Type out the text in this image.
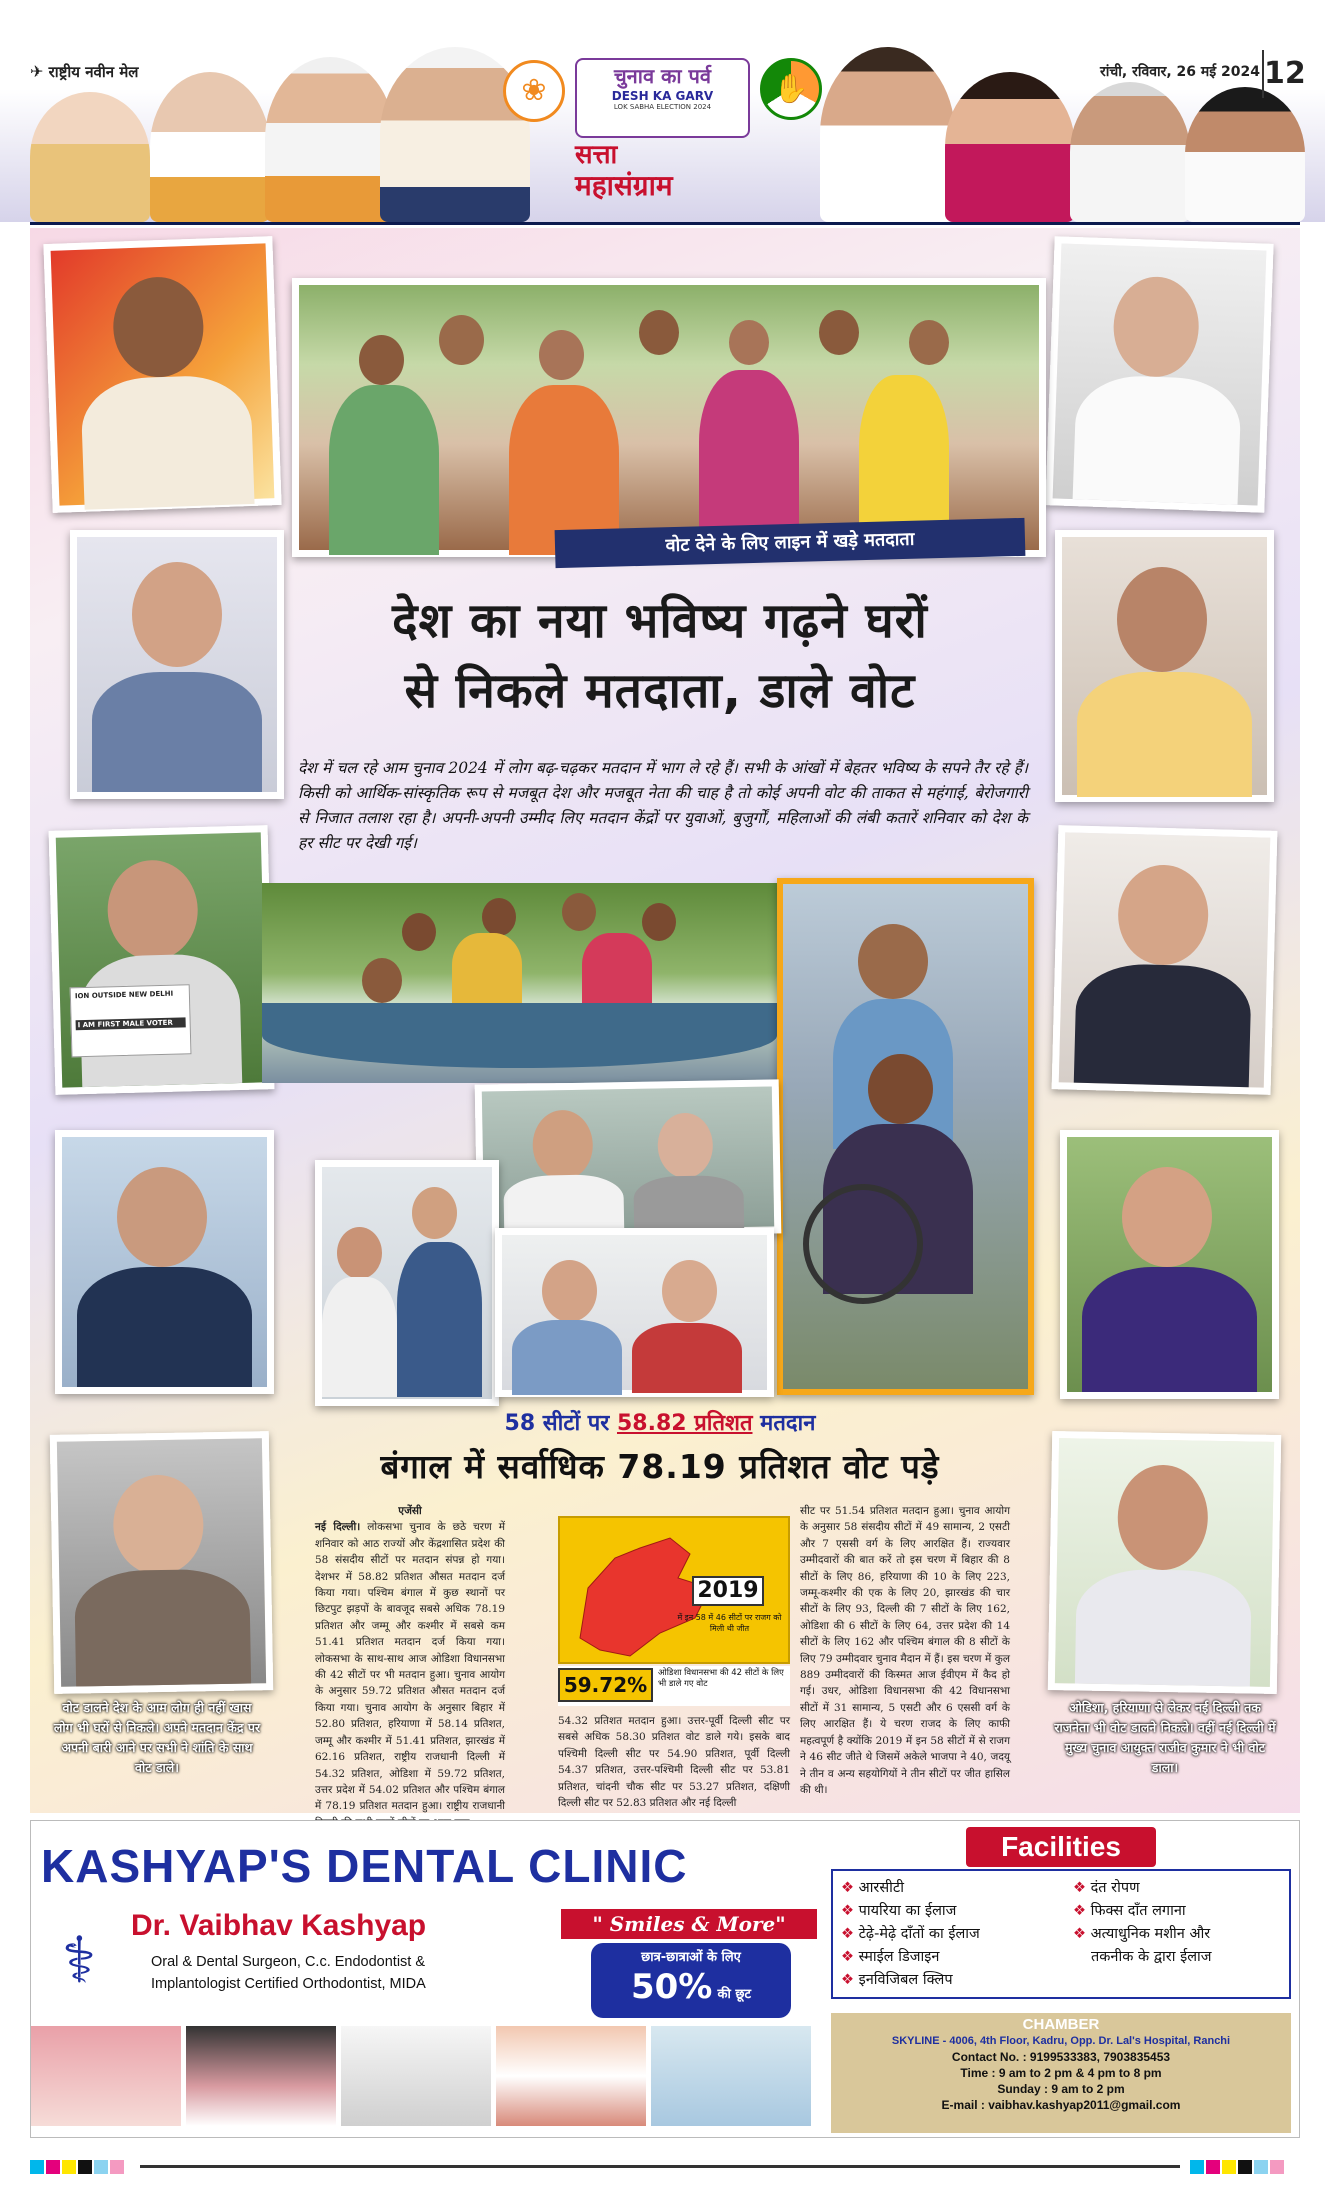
✈ राष्ट्रीय नवीन मेल
❀	चुनाव का पर्व
DESH KA GARV
LOK SABHA ELECTION 2024
सत्ता
महासंग्राम
✋	रांची, रविवार, 26 मई 2024 12
ION OUTSIDE NEW DELHI
I AM FIRST MALE VOTER
वोट डालने देश के आम लोग ही नहीं खास लोग भी घरों से निकले। अपने मतदान केंद्र पर अपनी बारी आने पर सभी ने शांति के साथ वोट डाले।
ओडिशा, हरियाणा से लेकर नई दिल्ली तक राजनेता भी वोट डालने निकले। वहीं नई दिल्ली में मुख्य चुनाव आयुक्त राजीव कुमार ने भी वोट डाला।
वोट देने के लिए लाइन में खड़े मतदाता
देश का नया भविष्य गढ़ने घरों
से निकले मतदाता, डाले वोट
देश में चल रहे आम चुनाव 2024 में लोग बढ़-चढ़कर मतदान में भाग ले रहे हैं। सभी के आंखों में बेहतर भविष्य के सपने तैर रहे हैं। किसी को आर्थिक-सांस्कृतिक रूप से मजबूत देश और मजबूत नेता की चाह है तो कोई अपनी वोट की ताकत से महंगाई, बेरोजगारी से निजात तलाश रहा है। अपनी-अपनी उम्मीद लिए मतदान केंद्रों पर युवाओं, बुजुर्गों, महिलाओं की लंबी कतारें शनिवार को देश के हर सीट पर देखी गई।
58 सीटों पर 58.82 प्रतिशत मतदान
बंगाल में सर्वाधिक 78.19 प्रतिशत वोट पड़े
एजेंसी
नई दिल्ली। लोकसभा चुनाव के छठे चरण में शनिवार को आठ राज्यों और केंद्रशासित प्रदेश की 58 संसदीय सीटों पर मतदान संपन्न हो गया। देशभर में 58.82 प्रतिशत औसत मतदान दर्ज किया गया। पश्चिम बंगाल में कुछ स्थानों पर छिटपुट झड़पों के बावजूद सबसे अधिक 78.19 प्रतिशत और जम्मू और कश्मीर में सबसे कम 51.41 प्रतिशत मतदान दर्ज किया गया। लोकसभा के साथ-साथ आज ओडिशा विधानसभा की 42 सीटों पर भी मतदान हुआ। चुनाव आयोग के अनुसार 59.72 प्रतिशत औसत मतदान दर्ज किया गया। चुनाव आयोग के अनुसार बिहार में 52.80 प्रतिशत, हरियाणा में 58.14 प्रतिशत, जम्मू और कश्मीर में 51.41 प्रतिशत, झारखंड में 62.16 प्रतिशत, राष्ट्रीय राजधानी दिल्ली में 54.32 प्रतिशत, ओडिशा में 59.72 प्रतिशत, उत्तर प्रदेश में 54.02 प्रतिशत और पश्चिम बंगाल में 78.19 प्रतिशत मतदान हुआ। राष्ट्रीय राजधानी
2019
में इन 58 में 46 सीटों पर राजग को मिली थी जीत
59.72%	ओडिशा विधानसभा की 42 सीटों के लिए भी डाले गए वोट
54.32 प्रतिशत मतदान हुआ। उत्तर-पूर्वी दिल्ली सीट पर सबसे अधिक 58.30 प्रतिशत वोट डाले गये। इसके बाद पश्चिमी दिल्ली सीट पर 54.90 प्रतिशत, पूर्वी दिल्ली 54.37 प्रतिशत, उत्तर-पश्चिमी दिल्ली सीट पर 53.81 प्रतिशत, चांदनी चौक सीट पर 53.27 प्रतिशत, दक्षिणी दिल्ली सीट पर 52.83 प्रतिशत और नई दिल्ली
सीट पर 51.54 प्रतिशत मतदान हुआ। चुनाव आयोग के अनुसार 58 संसदीय सीटों में 49 सामान्य, 2 एसटी और 7 एससी वर्ग के लिए आरक्षित हैं। राज्यवार उम्मीदवारों की बात करें तो इस चरण में बिहार की 8 सीटों के लिए 86, हरियाणा की 10 के लिए 223, जम्मू-कश्मीर की एक के लिए 20, झारखंड की चार सीटों के लिए 93, दिल्ली की 7 सीटों के लिए 162, ओडिशा की 6 सीटों के लिए 64, उत्तर प्रदेश की 14 सीटों के लिए 162 और पश्चिम बंगाल की 8 सीटों के लिए 79 उम्मीदवार चुनाव मैदान में हैं। इस चरण में कुल 889 उम्मीदवारों की किस्मत आज ईवीएम में कैद हो गई। उधर, ओडिशा विधानसभा की 42 विधानसभा सीटों में 31 सामान्य, 5 एसटी और 6 एससी वर्ग के लिए आरक्षित हैं। ये चरण राजद के लिए काफी महत्वपूर्ण है क्योंकि 2019 में इन 58 सीटों में से राजग ने 46 सीट जीते थे जिसमें अकेले भाजपा ने 40, जदयू ने तीन व अन्य सहयोगियों ने तीन सीटों पर जीत हासिल की थी।
KASHYAP'S DENTAL CLINIC
⚕	Dr. Vaibhav Kashyap
Oral & Dental Surgeon, C.c. Endodontist &
Implantologist Certified Orthodontist, MIDA
" Smiles & More"
छात्र-छात्राओं के लिए
50% की छूट
Facilities
❖ आरसीटी
❖ पायरिया का ईलाज
❖ टेढ़े-मेढ़े दाँतों का ईलाज
❖ स्माईल डिजाइन
❖ इनविजिबल क्लिप
❖ दंत रोपण
❖ फिक्स दाँत लगाना
❖ अत्याधुनिक मशीन और
तकनीक के द्वारा ईलाज
CHAMBER
SKYLINE - 4006, 4th Floor, Kadru, Opp. Dr. Lal's Hospital, Ranchi
Contact No. : 9199533383, 7903835453
Time : 9 am to 2 pm & 4 pm to 8 pm
Sunday : 9 am to 2 pm
E-mail : vaibhav.kashyap2011@gmail.com
